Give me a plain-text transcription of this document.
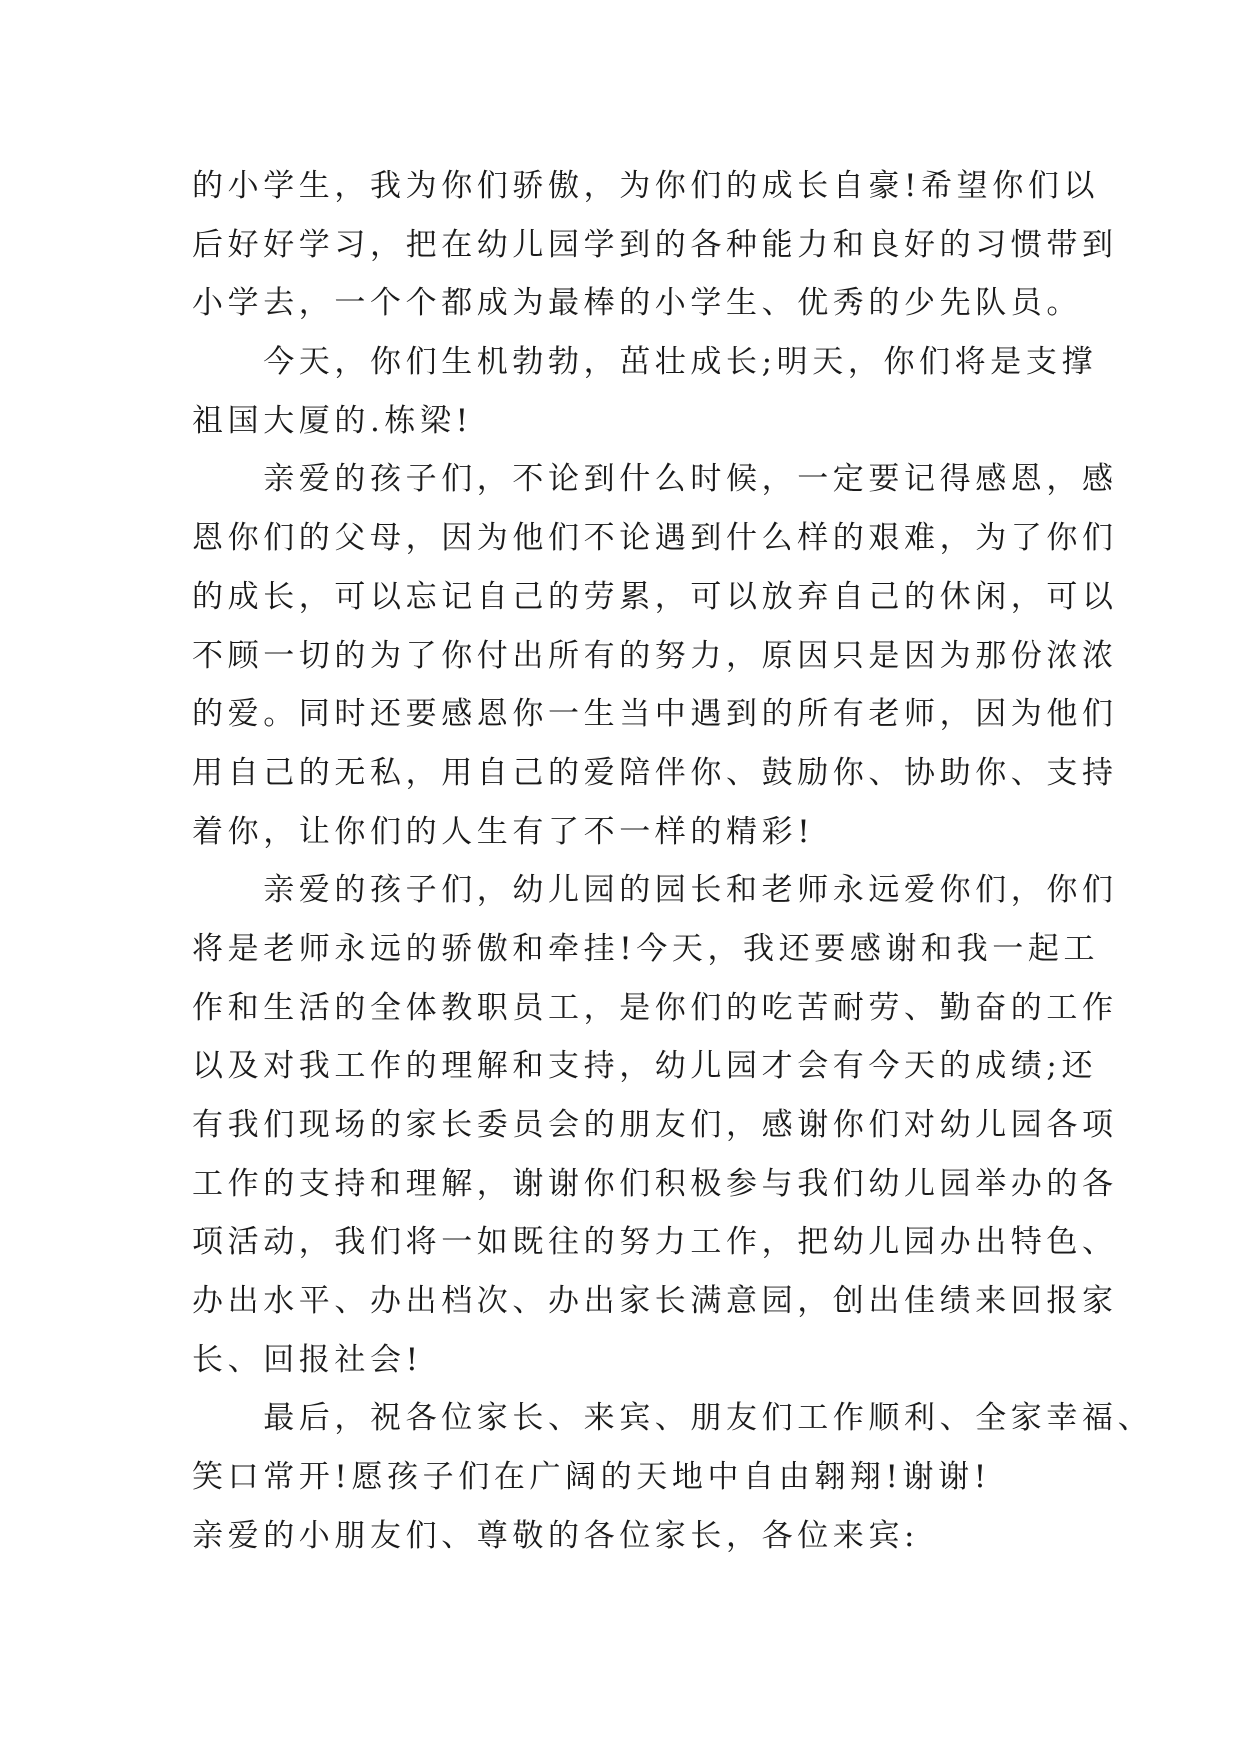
的小学生，我为你们骄傲，为你们的成长自豪!希望你们以
后好好学习，把在幼儿园学到的各种能力和良好的习惯带到
小学去，一个个都成为最棒的小学生、优秀的少先队员。
　　今天，你们生机勃勃，茁壮成长;明天，你们将是支撑
祖国大厦的.栋梁!
　　亲爱的孩子们，不论到什么时候，一定要记得感恩，感
恩你们的父母，因为他们不论遇到什么样的艰难，为了你们
的成长，可以忘记自己的劳累，可以放弃自己的休闲，可以
不顾一切的为了你付出所有的努力，原因只是因为那份浓浓
的爱。同时还要感恩你一生当中遇到的所有老师，因为他们
用自己的无私，用自己的爱陪伴你、鼓励你、协助你、支持
着你，让你们的人生有了不一样的精彩!
　　亲爱的孩子们，幼儿园的园长和老师永远爱你们，你们
将是老师永远的骄傲和牵挂!今天，我还要感谢和我一起工
作和生活的全体教职员工，是你们的吃苦耐劳、勤奋的工作
以及对我工作的理解和支持，幼儿园才会有今天的成绩;还
有我们现场的家长委员会的朋友们，感谢你们对幼儿园各项
工作的支持和理解，谢谢你们积极参与我们幼儿园举办的各
项活动，我们将一如既往的努力工作，把幼儿园办出特色、
办出水平、办出档次、办出家长满意园，创出佳绩来回报家
长、回报社会!
　　最后，祝各位家长、来宾、朋友们工作顺利、全家幸福、
笑口常开!愿孩子们在广阔的天地中自由翱翔!谢谢!
亲爱的小朋友们、尊敬的各位家长，各位来宾:
